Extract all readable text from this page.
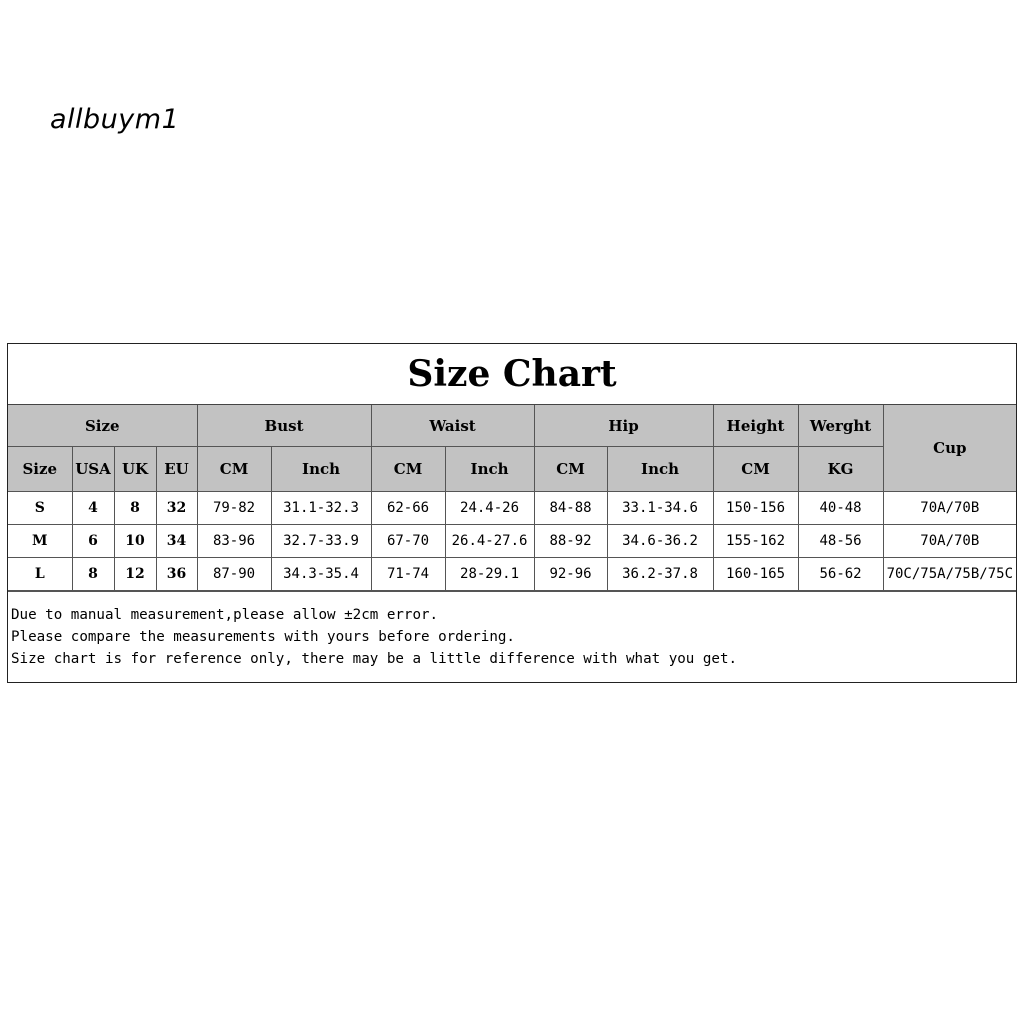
allbuym1
Size Chart
Size				Bust		Waist		Hip		Height	Werght	Cup
Size	USA	UK	EU	CM	Inch	CM	Inch	CM	Inch	CM	KG	
S	4	8	32	79-82	31.1-32.3	62-66	24.4-26	84-88	33.1-34.6	150-156	40-48	70A/70B
M	6	10	34	83-96	32.7-33.9	67-70	26.4-27.6	88-92	34.6-36.2	155-162	48-56	70A/70B
L	8	12	36	87-90	34.3-35.4	71-74	28-29.1	92-96	36.2-37.8	160-165	56-62	70C/75A/75B/75C
Due to manual measurement,please allow ±2cm error.
Please compare the measurements with yours before ordering.
Size chart is for reference only, there may be a little difference with what you get.
